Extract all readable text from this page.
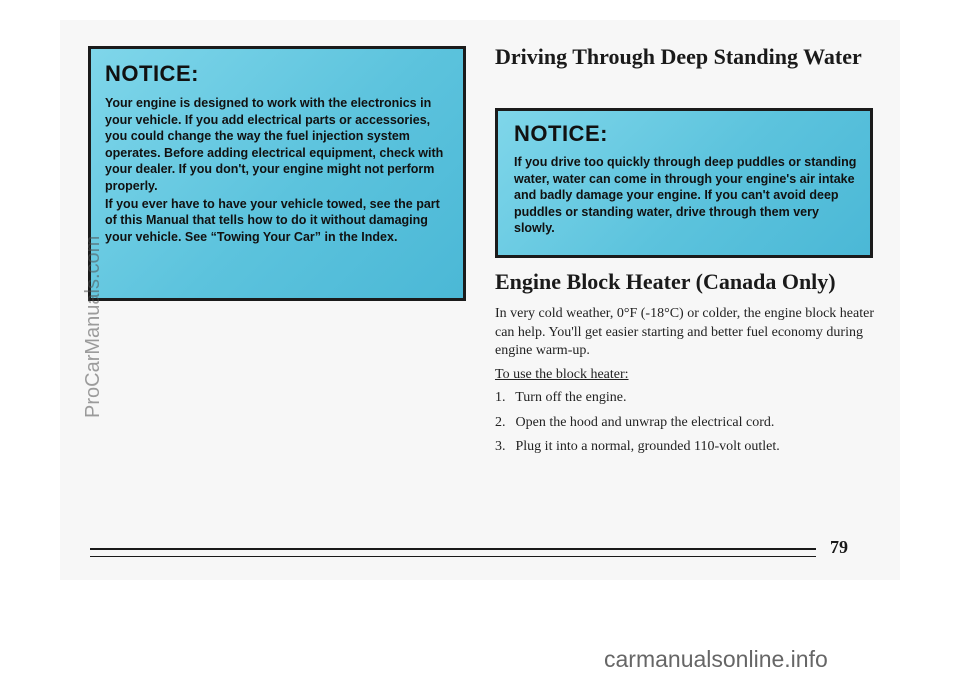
NOTICE:

Your engine is designed to work with the electronics in your vehicle. If you add electrical parts or accessories, you could change the way the fuel injection system operates. Before adding electrical equipment, check with your dealer. If you don't, your engine might not perform properly.

If you ever have to have your vehicle towed, see the part of this Manual that tells how to do it without damaging your vehicle. See “Towing Your Car” in the Index.

Driving Through Deep Standing Water

NOTICE:

If you drive too quickly through deep puddles or standing water, water can come in through your engine's air intake and badly damage your engine. If you can't avoid deep puddles or standing water, drive through them very slowly.

Engine Block Heater (Canada Only)

In very cold weather, 0°F (-18°C) or colder, the engine block heater can help. You'll get easier starting and better fuel economy during engine warm-up.

To use the block heater:

1. Turn off the engine.
2. Open the hood and unwrap the electrical cord.
3. Plug it into a normal, grounded 110-volt outlet.
79
ProCarManuals.com
carmanualsonline.info
